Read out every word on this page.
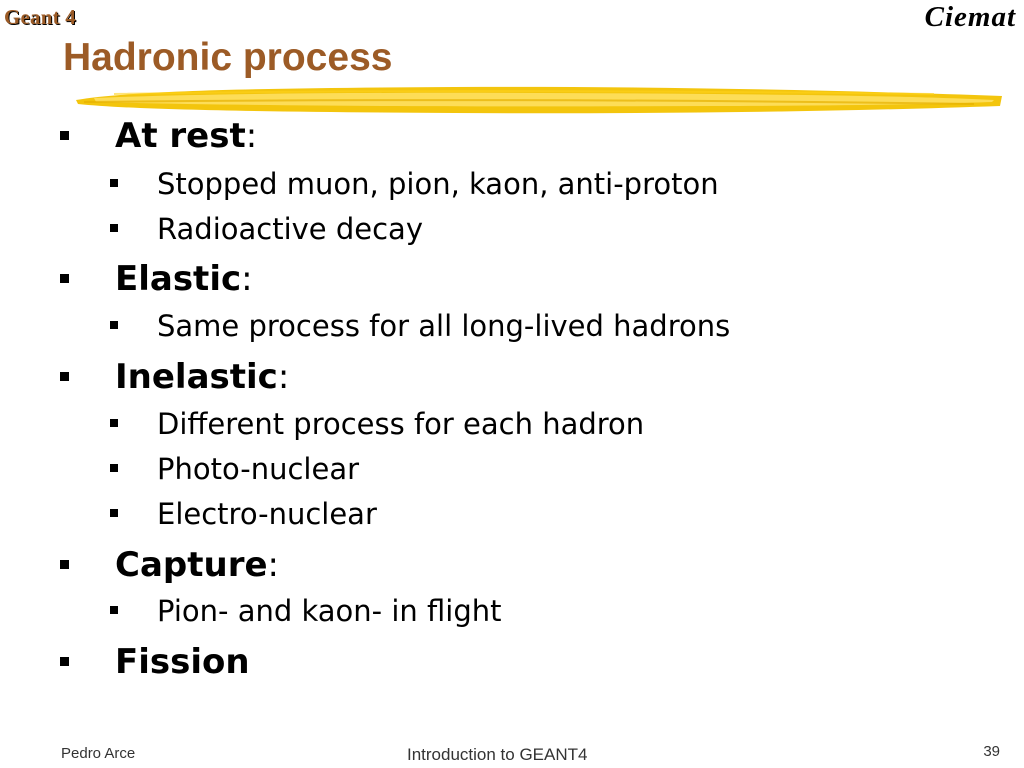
Geant 4	Ciemat
Hadronic process
At rest:
Stopped muon, pion, kaon, anti-proton
Radioactive decay
Elastic:
Same process for all long-lived hadrons
Inelastic:
Different process for each hadron
Photo-nuclear
Electro-nuclear
Capture:
Pion- and kaon- in flight
Fission
Pedro Arce	Introduction to GEANT4	39
